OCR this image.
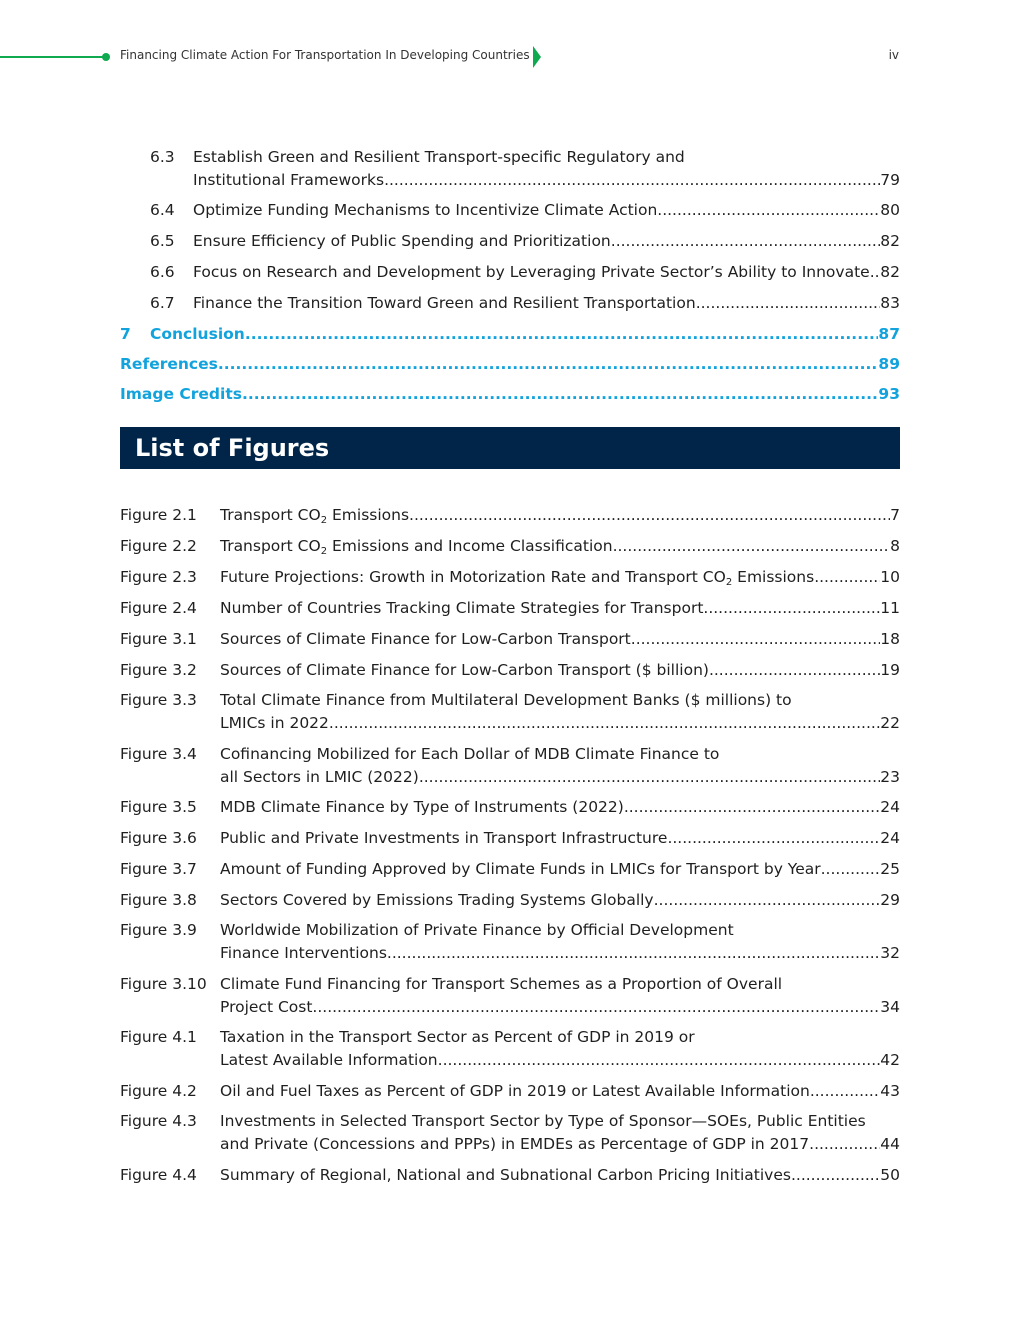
Financing Climate Action For Transportation In Developing Countries	iv
6.3 Establish Green and Resilient Transport-specific Regulatory and
Institutional Frameworks .....	79
6.4 Optimize Funding Mechanisms to Incentivize Climate Action .....	80
6.5 Ensure Efficiency of Public Spending and Prioritization .....	82
6.6 Focus on Research and Development by Leveraging Private Sector’s Ability to Innovate ..... 82
6.7 Finance the Transition Toward Green and Resilient Transportation .....	83
7 Conclusion .....	87
References .....	89
Image Credits .....	93
List of Figures
Figure 2.1 Transport $CO_2$ Emissions .....	7
Figure 2.2 Transport $CO_2$ Emissions and Income Classification .....	8
Figure 2.3 Future Projections: Growth in Motorization Rate and Transport $CO_2$ Emissions .....	10
Figure 2.4 Number of Countries Tracking Climate Strategies for Transport .....	11
Figure 3.1 Sources of Climate Finance for Low-Carbon Transport .....	18
Figure 3.2 Sources of Climate Finance for Low-Carbon Transport ($ billion) .....	19
Figure 3.3 Total Climate Finance from Multilateral Development Banks ($ millions) to
LMICs in 2022 .....	22
Figure 3.4 Cofinancing Mobilized for Each Dollar of MDB Climate Finance to
all Sectors in LMIC (2022) .....	23
Figure 3.5 MDB Climate Finance by Type of Instruments (2022) .....	24
Figure 3.6 Public and Private Investments in Transport Infrastructure .....	24
Figure 3.7 Amount of Funding Approved by Climate Funds in LMICs for Transport by Year .....	25
Figure 3.8 Sectors Covered by Emissions Trading Systems Globally .....	29
Figure 3.9 Worldwide Mobilization of Private Finance by Official Development
Finance Interventions .....	32
Figure 3.10 Climate Fund Financing for Transport Schemes as a Proportion of Overall
Project Cost .....	34
Figure 4.1 Taxation in the Transport Sector as Percent of GDP in 2019 or
Latest Available Information .....	42
Figure 4.2 Oil and Fuel Taxes as Percent of GDP in 2019 or Latest Available Information .....	43
Figure 4.3 Investments in Selected Transport Sector by Type of Sponsor—SOEs, Public Entities
and Private (Concessions and PPPs) in EMDEs as Percentage of GDP in 2017 .....	44
Figure 4.4 Summary of Regional, National and Subnational Carbon Pricing Initiatives .....	50
